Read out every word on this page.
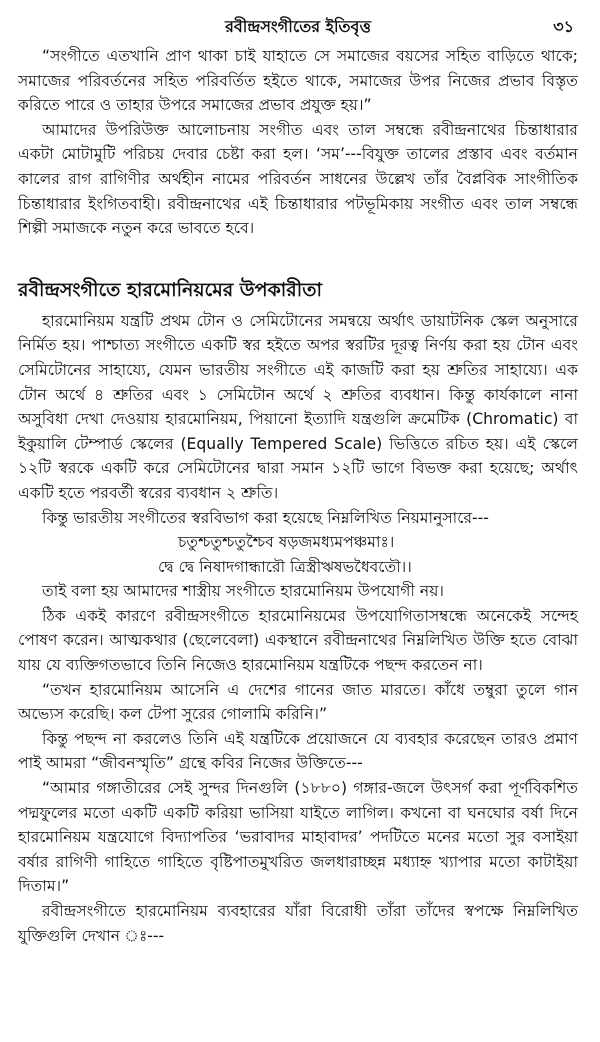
রবীন্দ্রসংগীতের ইতিবৃত্ত	৩১

“সংগীতে এতখানি প্রাণ থাকা চাই যাহাতে সে সমাজের বয়সের সহিত বাড়িতে থাকে; সমাজের পরিবর্তনের সহিত পরিবর্তিত হইতে থাকে, সমাজের উপর নিজের প্রভাব বিস্তৃত করিতে পারে ও তাহার উপরে সমাজের প্রভাব প্রযুক্ত হয়।”

আমাদের উপরিউক্ত আলোচনায় সংগীত এবং তাল সম্বন্ধে রবীন্দ্রনাথের চিন্তাধারার একটা মোটামুটি পরিচয় দেবার চেষ্টা করা হল। ‘সম’---বিযুক্ত তালের প্রস্তাব এবং বর্তমান কালের রাগ রাগিণীর অর্থহীন নামের পরিবর্তন সাধনের উল্লেখ তাঁর বৈপ্লবিক সাংগীতিক চিন্তাধারার ইংগিতবাহী। রবীন্দ্রনাথের এই চিন্তাধারার পটভূমিকায় সংগীত এবং তাল সম্বন্ধে শিল্পী সমাজকে নতুন করে ভাবতে হবে।

রবীন্দ্রসংগীতে হারমোনিয়মের উপকারীতা

হারমোনিয়ম যন্ত্রটি প্রথম টোন ও সেমিটোনের সমন্বয়ে অর্থাৎ ডায়াটনিক স্কেল অনুসারে নির্মিত হয়। পাশ্চাত্য সংগীতে একটি স্বর হইতে অপর স্বরটির দূরত্ব নির্ণয় করা হয় টোন এবং সেমিটোনের সাহায্যে, যেমন ভারতীয় সংগীতে এই কাজটি করা হয় শ্রুতির সাহায্যে। এক টোন অর্থে ৪ শ্রুতির এবং ১ সেমিটোন অর্থে ২ শ্রুতির ব্যবধান। কিন্তু কার্যকালে নানা অসুবিধা দেখা দেওয়ায় হারমোনিয়ম, পিয়ানো ইত্যাদি যন্ত্রগুলি ক্রমেটিক (Chromatic) বা ইকুয়ালি টেম্পার্ড স্কেলের (Equally Tempered Scale) ভিত্তিতে রচিত হয়। এই স্কেলে ১২টি স্বরকে একটি করে সেমিটোনের দ্বারা সমান ১২টি ভাগে বিভক্ত করা হয়েছে; অর্থাৎ একটি হতে পরবর্তী স্বরের ব্যবধান ২ শ্রুতি।

কিন্তু ভারতীয় সংগীতের স্বরবিভাগ করা হয়েছে নিম্নলিখিত নিয়মানুসারে---

চতুশ্চতুশ্চতুশ্চৈব ষড়জমধ্যমপঞ্চমাঃ।

দ্বে দ্বে নিষাদগান্ধারৌ ত্রিস্ত্রীঋষভধৈবতৌ।।

তাই বলা হয় আমাদের শাস্ত্রীয় সংগীতে হারমোনিয়ম উপযোগী নয়।

ঠিক একই কারণে রবীন্দ্রসংগীতে হারমোনিয়মের উপযোগিতাসম্বন্ধে অনেকেই সন্দেহ পোষণ করেন। আত্মকথার (ছেলেবেলা) একস্থানে রবীন্দ্রনাথের নিম্নলিখিত উক্তি হতে বোঝা যায় যে ব্যক্তিগতভাবে তিনি নিজেও হারমোনিয়ম যন্ত্রটিকে পছন্দ করতেন না।

“তখন হারমোনিয়ম আসেনি এ দেশের গানের জাত মারতে। কাঁধে তম্বুরা তুলে গান অভ্যেস করেছি। কল টেপা সুরের গোলামি করিনি।”

কিন্তু পছন্দ না করলেও তিনি এই যন্ত্রটিকে প্রয়োজনে যে ব্যবহার করেছেন তারও প্রমাণ পাই আমরা “জীবনস্মৃতি” গ্রন্থে কবির নিজের উক্তিতে---

“আমার গঙ্গাতীরের সেই সুন্দর দিনগুলি (১৮৮০) গঙ্গার-জলে উৎসর্গ করা পূর্ণবিকশিত পদ্মফুলের মতো একটি একটি করিয়া ভাসিয়া যাইতে লাগিল। কখনো বা ঘনঘোর বর্ষা দিনে হারমোনিয়ম যন্ত্রযোগে বিদ্যাপতির ‘ভরাবাদর মাহাবাদর’ পদটিতে মনের মতো সুর বসাইয়া বর্ষার রাগিণী গাহিতে গাহিতে বৃষ্টিপাতমুখরিত জলধারাচ্ছন্ন মধ্যাহ্ন খ্যাপার মতো কাটাইয়া দিতাম।”

রবীন্দ্রসংগীতে হারমোনিয়ম ব্যবহারের যাঁরা বিরোধী তাঁরা তাঁদের স্বপক্ষে নিম্নলিখিত যুক্তিগুলি দেখান ঃ---
